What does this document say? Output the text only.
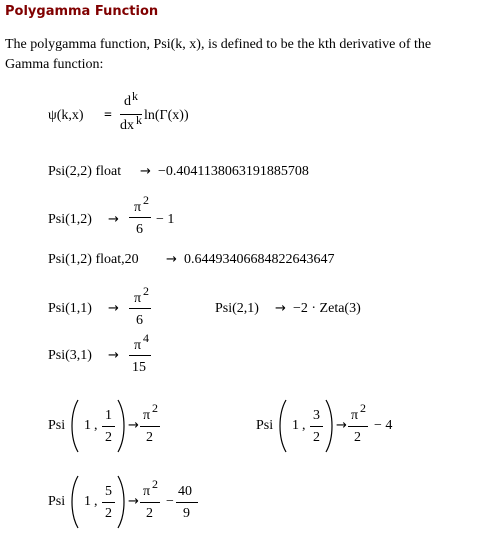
Polygamma Function
The polygamma function, Psi(k, x), is defined to be the kth derivative of the Gamma function:
ψ(k,x) =
d k
dx k ln(Γ(x))
Psi(2,2) float → −0.4041138063191885708
Psi(1,2) →
π 2
6
− 1
Psi(1,2) float,20 → 0.64493406684822643647
Psi(1,1) →
π 2
6
Psi(2,1) → −2 · Zeta(3)
Psi(3,1) →
π 4
15
Psi 1 ,
1
2
→
π 2
2
Psi 1 ,
3
2
→
π 2
2
− 4
Psi 1 ,
5
2
→
π 2
2
−
40
9
